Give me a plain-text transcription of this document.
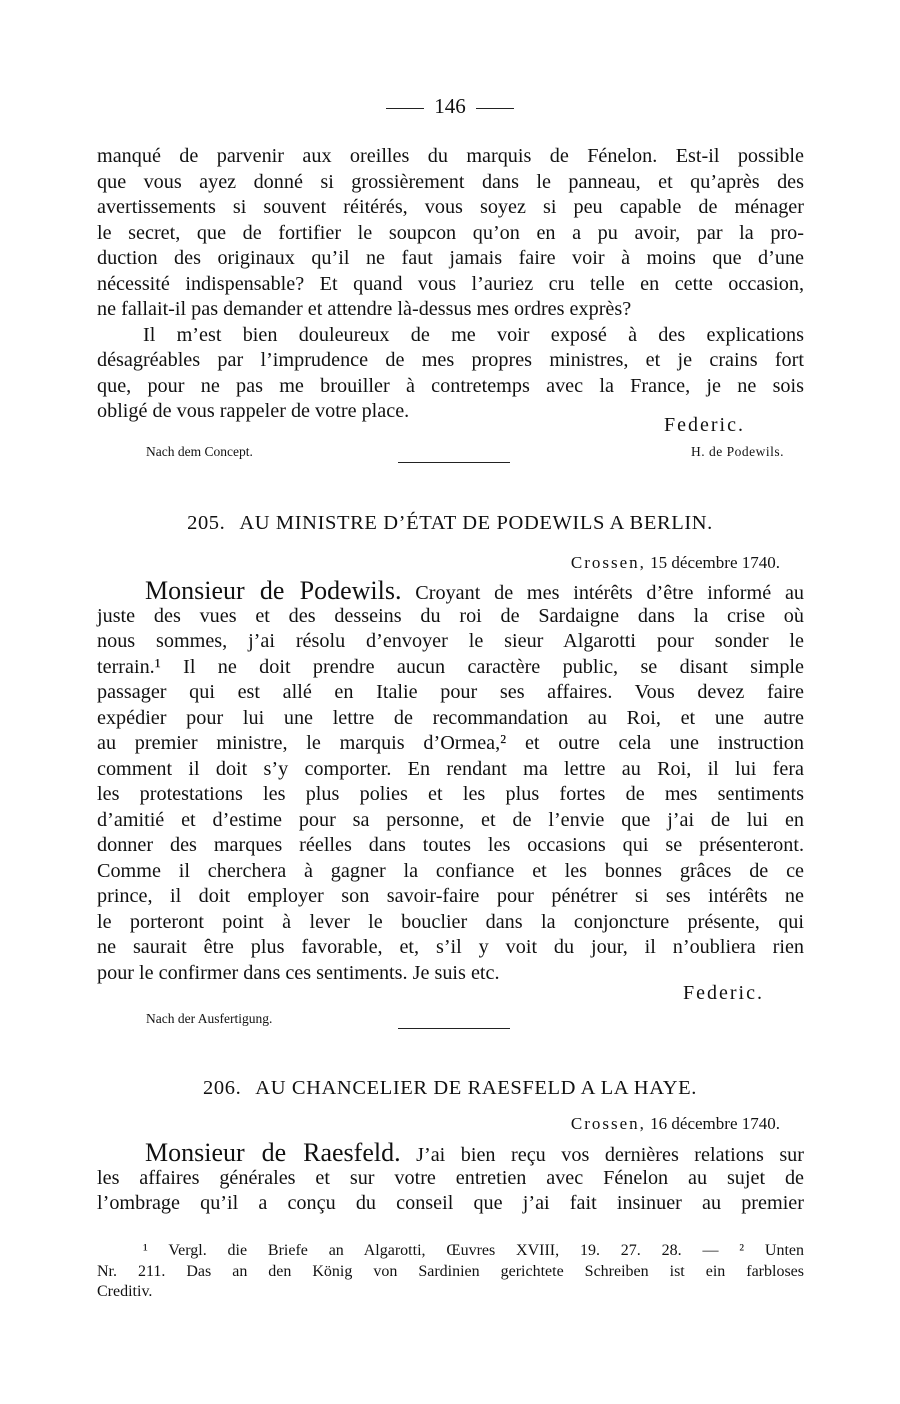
146
manqué de parvenir aux oreilles du marquis de Fénelon. Est-il possible
que vous ayez donné si grossièrement dans le panneau, et qu’après des
avertissements si souvent réitérés, vous soyez si peu capable de ménager
le secret, que de fortifier le soupcon qu’on en a pu avoir, par la pro-
duction des originaux qu’il ne faut jamais faire voir à moins que d’une
nécessité indispensable? Et quand vous l’auriez cru telle en cette occasion,
ne fallait-il pas demander et attendre là-dessus mes ordres exprès?
Il m’est bien douleureux de me voir exposé à des explications
désagréables par l’imprudence de mes propres ministres, et je crains fort
que, pour ne pas me brouiller à contretemps avec la France, je ne sois
obligé de vous rappeler de votre place.
Federic.
Nach dem Concept.	H. de Podewils.
205. AU MINISTRE D’ÉTAT DE PODEWILS A BERLIN.
Crossen, 15 décembre 1740.
Monsieur de Podewils. Croyant de mes intérêts d’être informé au
juste des vues et des desseins du roi de Sardaigne dans la crise où
nous sommes, j’ai résolu d’envoyer le sieur Algarotti pour sonder le
terrain.¹ Il ne doit prendre aucun caractère public, se disant simple
passager qui est allé en Italie pour ses affaires. Vous devez faire
expédier pour lui une lettre de recommandation au Roi, et une autre
au premier ministre, le marquis d’Ormea,² et outre cela une instruction
comment il doit s’y comporter. En rendant ma lettre au Roi, il lui fera
les protestations les plus polies et les plus fortes de mes sentiments
d’amitié et d’estime pour sa personne, et de l’envie que j’ai de lui en
donner des marques réelles dans toutes les occasions qui se présenteront.
Comme il cherchera à gagner la confiance et les bonnes grâces de ce
prince, il doit employer son savoir-faire pour pénétrer si ses intérêts ne
le porteront point à lever le bouclier dans la conjoncture présente, qui
ne saurait être plus favorable, et, s’il y voit du jour, il n’oubliera rien
pour le confirmer dans ces sentiments. Je suis etc.
Federic.
Nach der Ausfertigung.
206. AU CHANCELIER DE RAESFELD A LA HAYE.
Crossen, 16 décembre 1740.
Monsieur de Raesfeld. J’ai bien reçu vos dernières relations sur
les affaires générales et sur votre entretien avec Fénelon au sujet de
l’ombrage qu’il a conçu du conseil que j’ai fait insinuer au premier
¹ Vergl. die Briefe an Algarotti, Œuvres XVIII, 19. 27. 28. — ² Unten
Nr. 211. Das an den König von Sardinien gerichtete Schreiben ist ein farbloses
Creditiv.
